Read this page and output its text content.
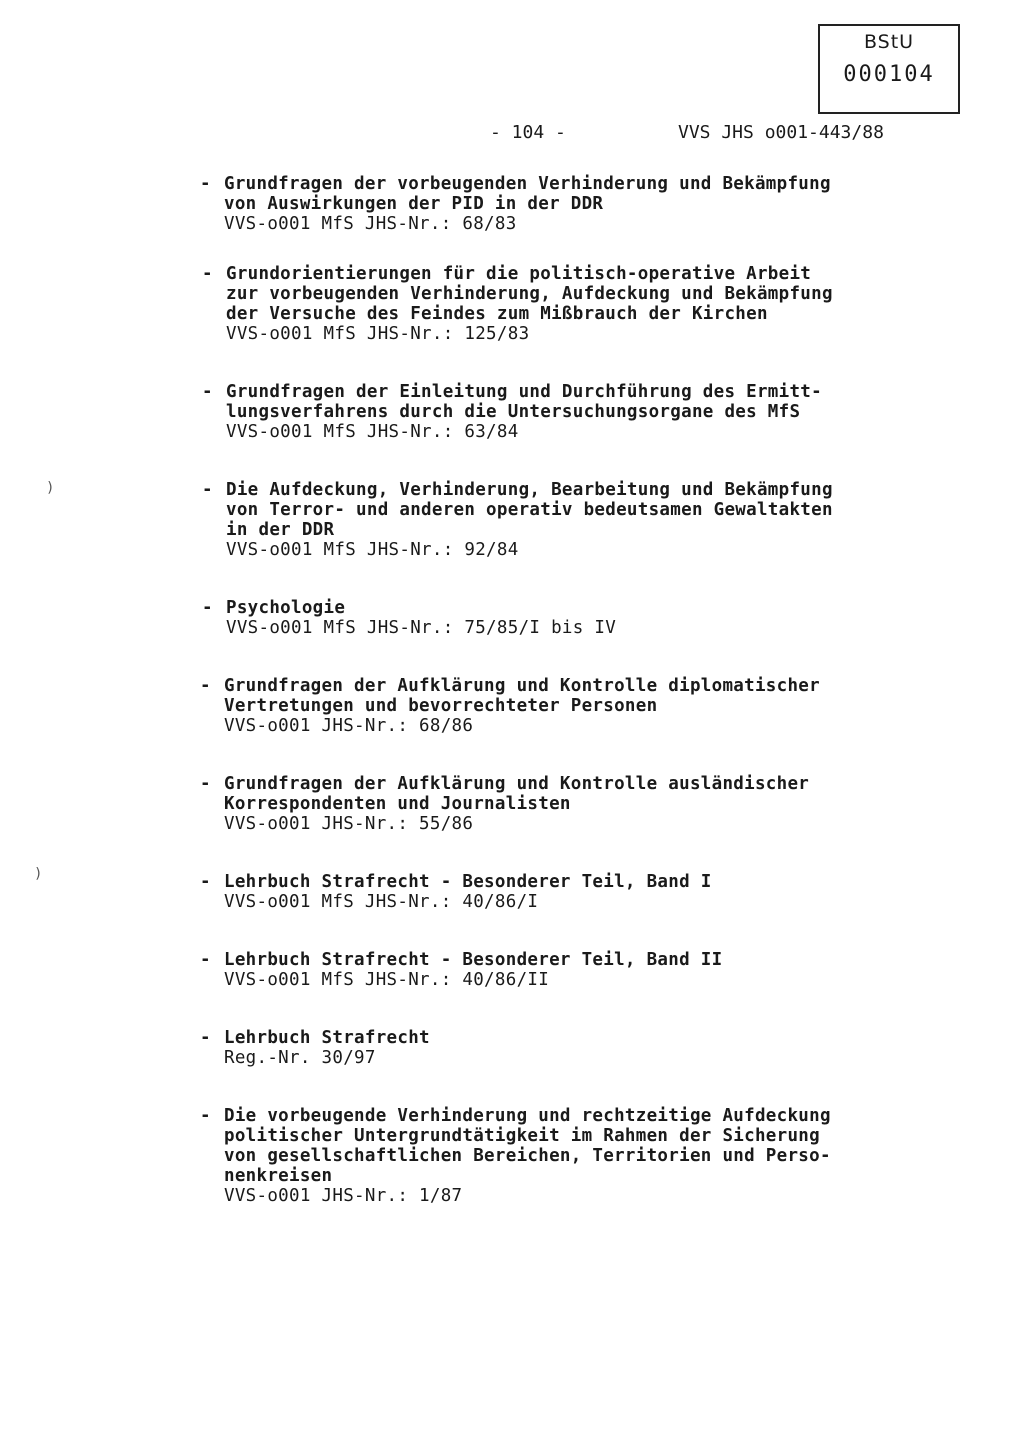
BStU
000104
- 104 -	VVS JHS o001-443/88
)
)
- Grundfragen der vorbeugenden Verhinderung und Bekämpfung
von Auswirkungen der PID in der DDR
VVS-o001 MfS JHS-Nr.: 68/83
- Grundorientierungen für die politisch-operative Arbeit
zur vorbeugenden Verhinderung, Aufdeckung und Bekämpfung
der Versuche des Feindes zum Mißbrauch der Kirchen
VVS-o001 MfS JHS-Nr.: 125/83
- Grundfragen der Einleitung und Durchführung des Ermitt-
lungsverfahrens durch die Untersuchungsorgane des MfS
VVS-o001 MfS JHS-Nr.: 63/84
- Die Aufdeckung, Verhinderung, Bearbeitung und Bekämpfung
von Terror- und anderen operativ bedeutsamen Gewaltakten
in der DDR
VVS-o001 MfS JHS-Nr.: 92/84
- Psychologie
VVS-o001 MfS JHS-Nr.: 75/85/I bis IV
- Grundfragen der Aufklärung und Kontrolle diplomatischer
Vertretungen und bevorrechteter Personen
VVS-o001 JHS-Nr.: 68/86
- Grundfragen der Aufklärung und Kontrolle ausländischer
Korrespondenten und Journalisten
VVS-o001 JHS-Nr.: 55/86
- Lehrbuch Strafrecht - Besonderer Teil, Band I
VVS-o001 MfS JHS-Nr.: 40/86/I
- Lehrbuch Strafrecht - Besonderer Teil, Band II
VVS-o001 MfS JHS-Nr.: 40/86/II
- Lehrbuch Strafrecht
Reg.-Nr. 30/97
- Die vorbeugende Verhinderung und rechtzeitige Aufdeckung
politischer Untergrundtätigkeit im Rahmen der Sicherung
von gesellschaftlichen Bereichen, Territorien und Perso-
nenkreisen
VVS-o001 JHS-Nr.: 1/87
